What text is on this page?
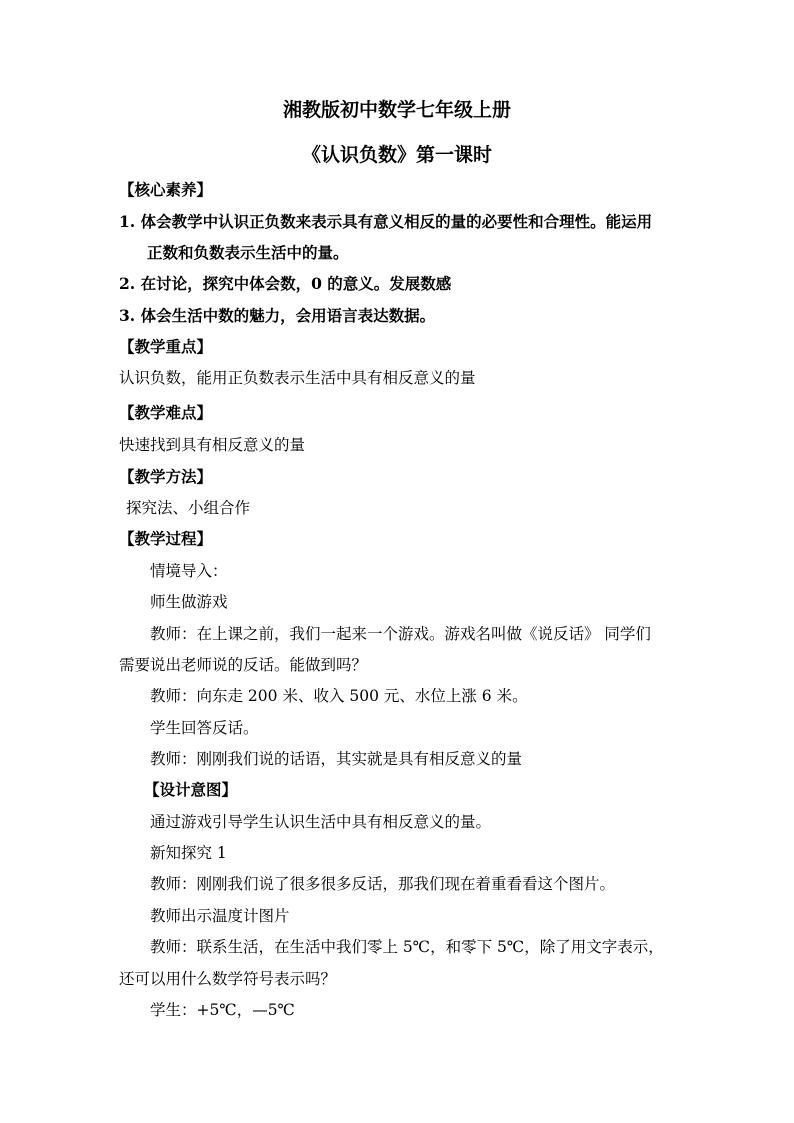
湘教版初中数学七年级上册
《认识负数》第一课时
【核心素养】
1. 体会教学中认识正负数来表示具有意义相反的量的必要性和合理性。能运用
正数和负数表示生活中的量。
2. 在讨论，探究中体会数，0 的意义。发展数感
3. 体会生活中数的魅力，会用语言表达数据。
【教学重点】
认识负数，能用正负数表示生活中具有相反意义的量
【教学难点】
快速找到具有相反意义的量
【教学方法】
探究法、小组合作
【教学过程】
情境导入：
师生做游戏
教师：在上课之前，我们一起来一个游戏。游戏名叫做《说反话》 同学们
需要说出老师说的反话。能做到吗？
教师：向东走 200 米、收入 500 元、水位上涨 6 米。
学生回答反话。
教师：刚刚我们说的话语，其实就是具有相反意义的量
【设计意图】
通过游戏引导学生认识生活中具有相反意义的量。
新知探究 1
教师：刚刚我们说了很多很多反话，那我们现在着重看看这个图片。
教师出示温度计图片
教师：联系生活，在生活中我们零上 5℃，和零下 5℃，除了用文字表示，
还可以用什么数学符号表示吗？
学生：+5℃，—5℃
